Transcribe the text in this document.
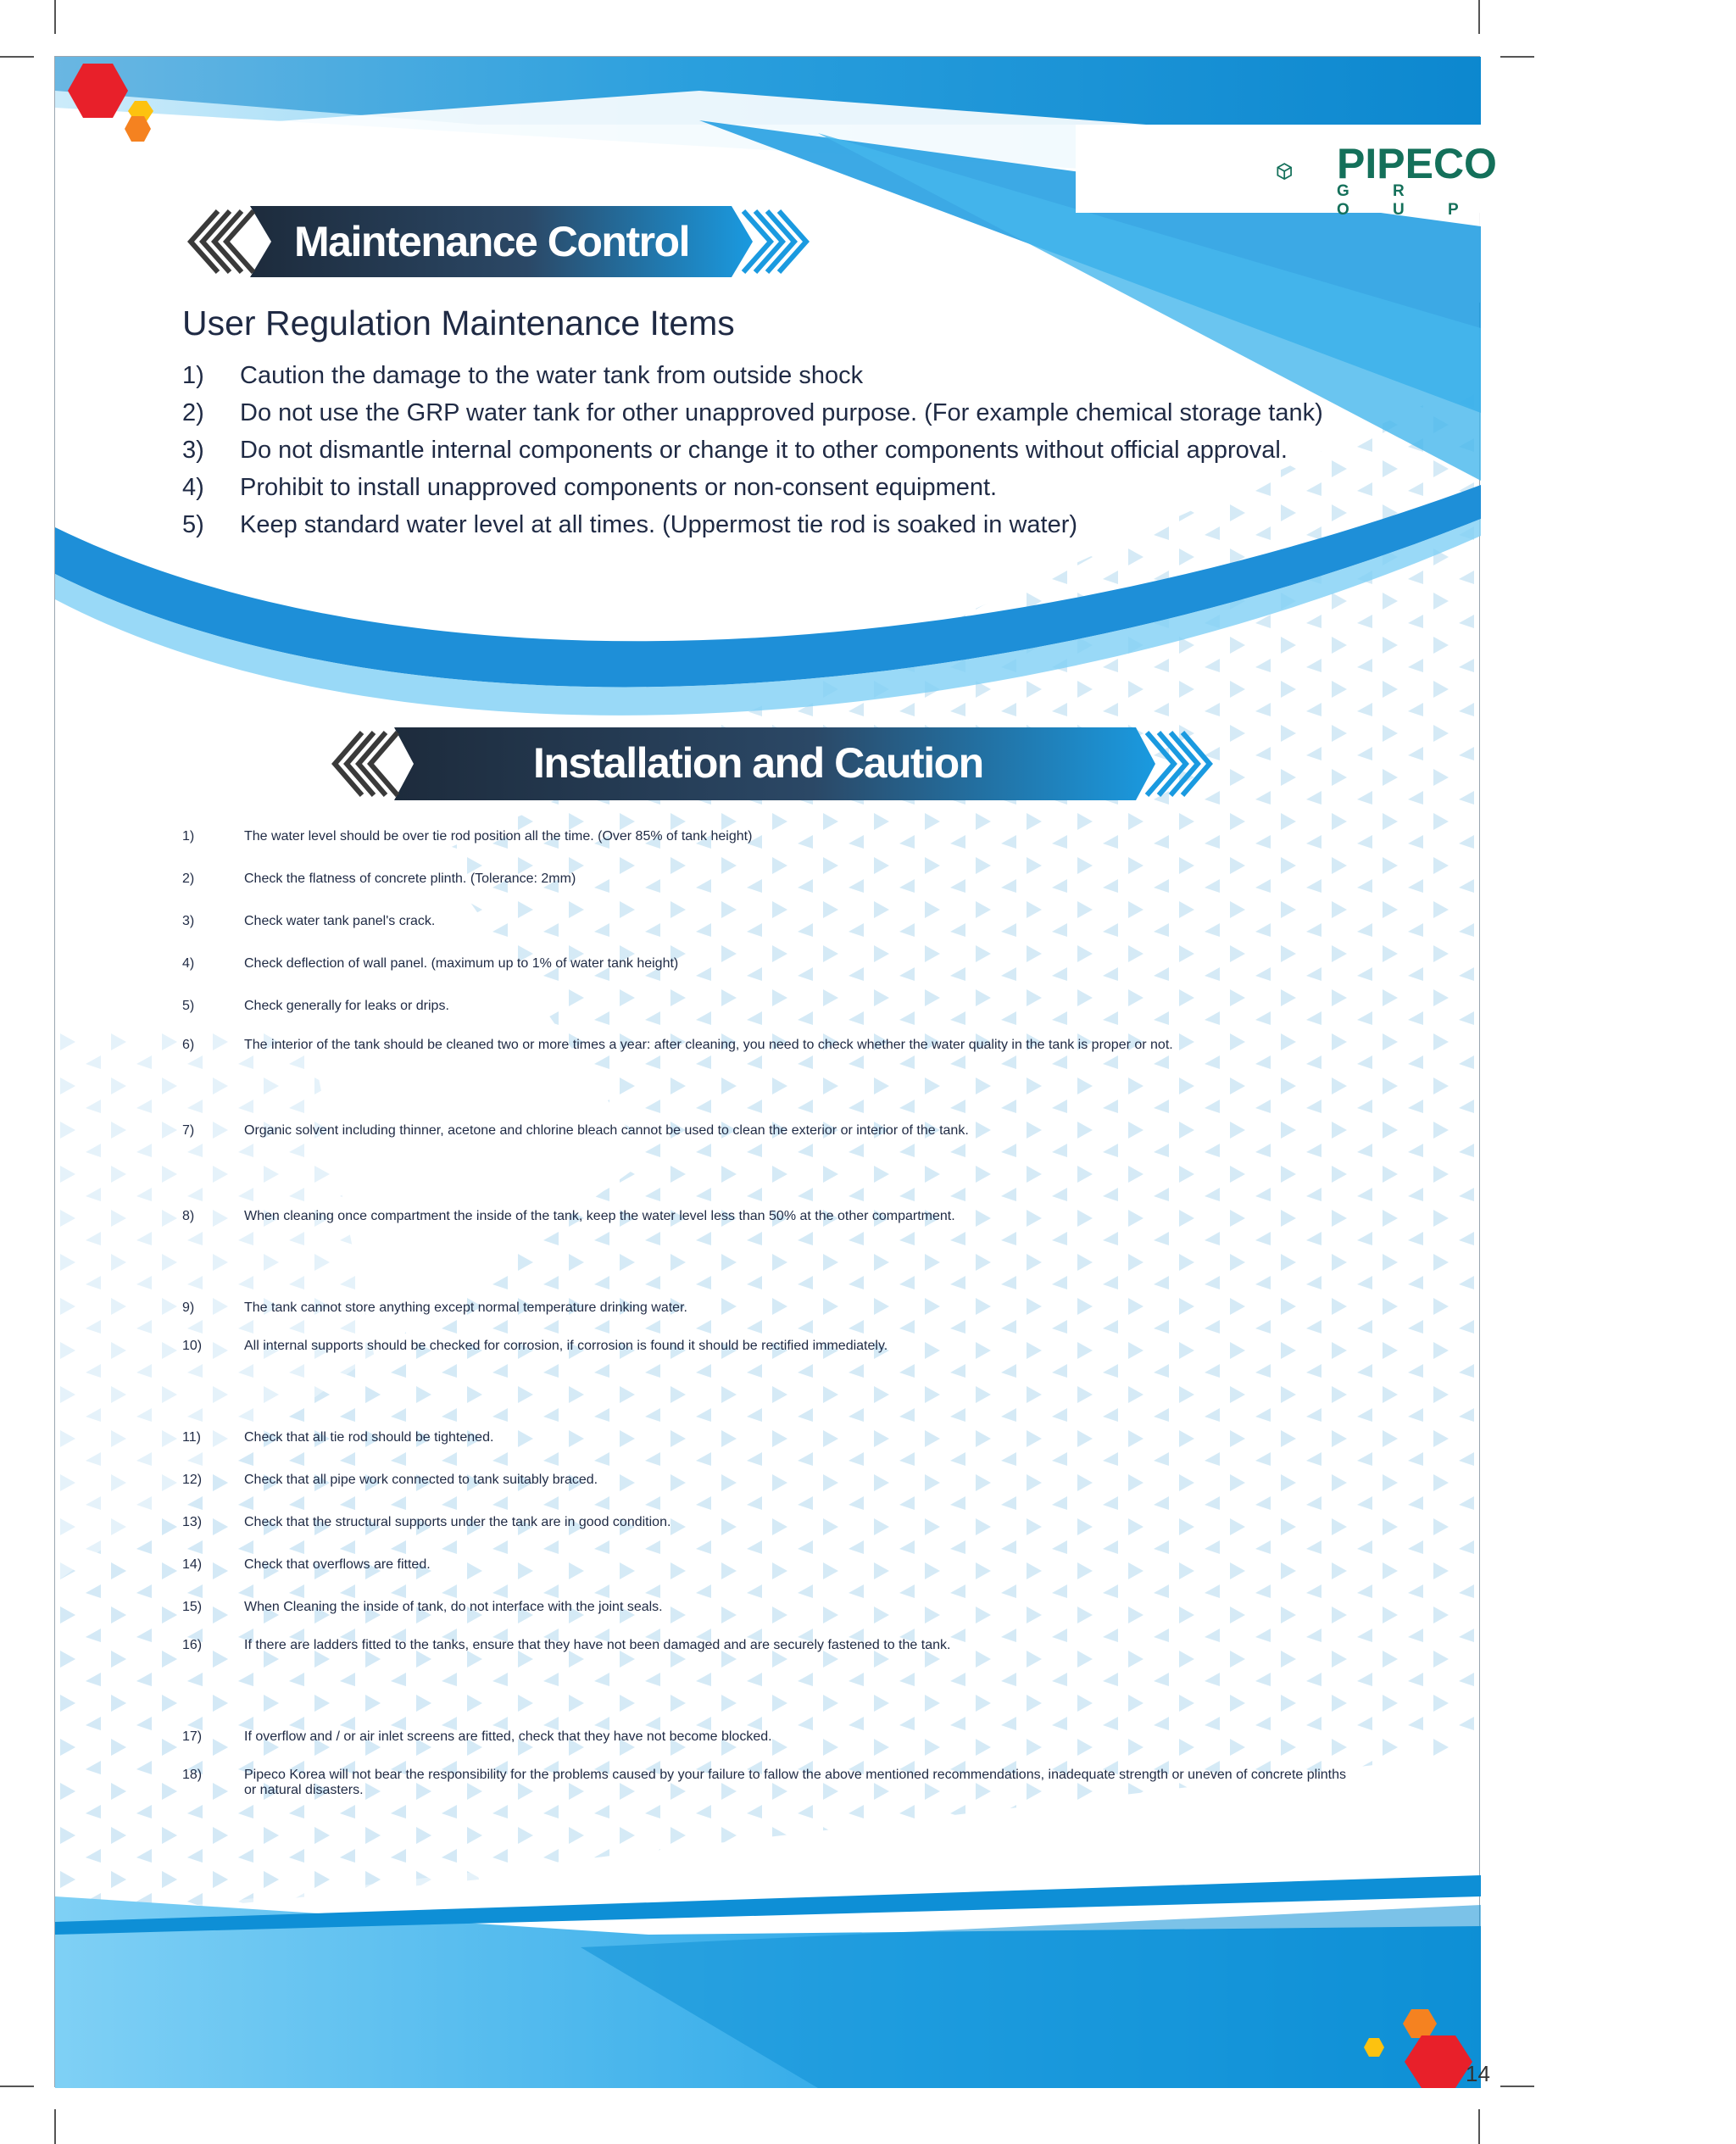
PIPECO
G R O U P
Maintenance Control
Installation and Caution
User Regulation Maintenance Items
1) Caution the damage to the water tank from outside shock
2) Do not use the GRP water tank for other unapproved purpose. (For example chemical storage tank)
3) Do not dismantle internal components or change it to other components without official approval.
4) Prohibit to install unapproved components or non-consent equipment.
5) Keep standard water level at all times. (Uppermost tie rod is soaked in water)
1)	The water level should be over tie rod position all the time. (Over 85% of tank height)
2)	Check the flatness of concrete plinth. (Tolerance: 2mm)
3)	Check water tank panel's crack.
4)	Check deflection of wall panel. (maximum up to 1% of water tank height)
5)	Check generally for leaks or drips.
6)	The interior of the tank should be cleaned two or more times a year: after cleaning, you need to check whether the water quality in the tank is proper or not.
7)	Organic solvent including thinner, acetone and chlorine bleach cannot be used to clean the exterior or interior of the tank.
8)	When cleaning once compartment the inside of the tank, keep the water level less than 50% at the other compartment.
9)	The tank cannot store anything except normal temperature drinking water.
10)	All internal supports should be checked for corrosion, if corrosion is found it should be rectified immediately.
11)	Check that all tie rod should be tightened.
12)	Check that all pipe work connected to tank suitably braced.
13)	Check that the structural supports under the tank are in good condition.
14)	Check that overflows are fitted.
15)	When Cleaning the inside of tank, do not interface with the joint seals.
16)	If there are ladders fitted to the tanks, ensure that they have not been damaged and are securely fastened to the tank.
17)	If overflow and / or air inlet screens are fitted, check that they have not become blocked.
18)	Pipeco Korea will not bear the responsibility for the problems caused by your failure to fallow the above mentioned recommendations, inadequate strength or uneven of concrete plinths or natural disasters.
14
